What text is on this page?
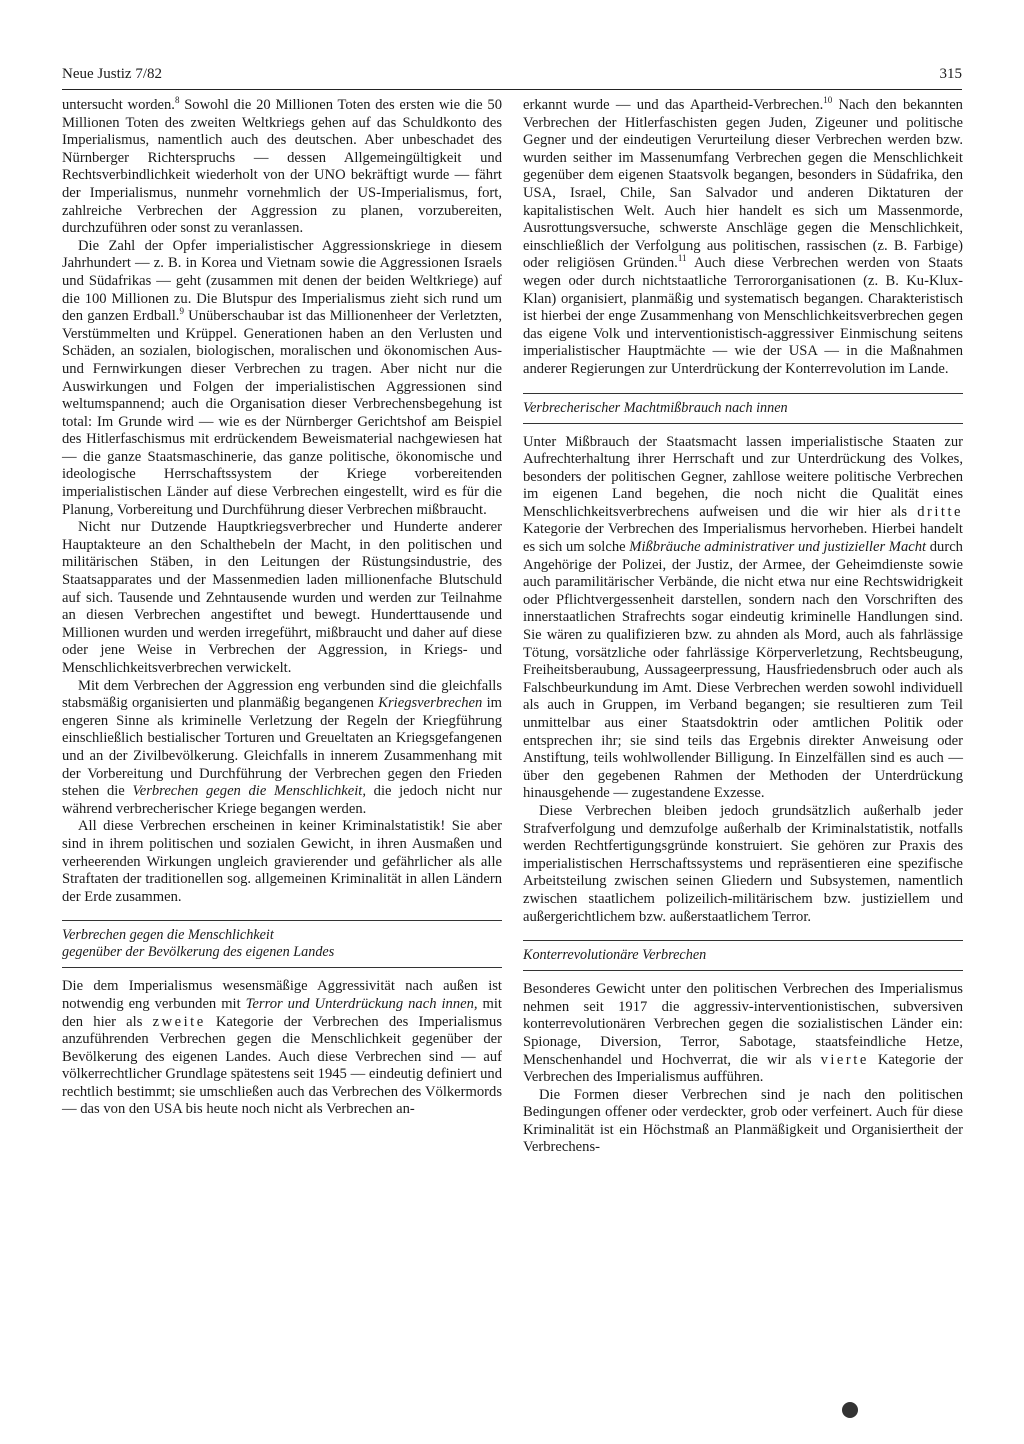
Neue Justiz 7/82	315

untersucht worden.$^8$ Sowohl die 20 Millionen Toten des ersten wie die 50 Millionen Toten des zweiten Weltkriegs gehen auf das Schuldkonto des Imperialismus, namentlich auch des deutschen. Aber unbeschadet des Nürnberger Richterspruchs — dessen Allgemeingültigkeit und Rechtsverbindlichkeit wiederholt von der UNO bekräftigt wurde — fährt der Imperialismus, nunmehr vornehmlich der US-Imperialismus, fort, zahlreiche Verbrechen der Aggression zu planen, vorzubereiten, durchzuführen oder sonst zu veranlassen.

Die Zahl der Opfer imperialistischer Aggressionskriege in diesem Jahrhundert — z. B. in Korea und Vietnam sowie die Aggressionen Israels und Südafrikas — geht (zusammen mit denen der beiden Weltkriege) auf die 100 Millionen zu. Die Blutspur des Imperialismus zieht sich rund um den ganzen Erdball.$^9$ Unüberschaubar ist das Millionenheer der Verletzten, Verstümmelten und Krüppel. Generationen haben an den Verlusten und Schäden, an sozialen, biologischen, moralischen und ökonomischen Aus- und Fernwirkungen dieser Verbrechen zu tragen. Aber nicht nur die Auswirkungen und Folgen der imperialistischen Aggressionen sind weltumspannend; auch die Organisation dieser Verbrechensbegehung ist total: Im Grunde wird — wie es der Nürnberger Gerichtshof am Beispiel des Hitlerfaschismus mit erdrückendem Beweismaterial nachgewiesen hat — die ganze Staatsmaschinerie, das ganze politische, ökonomische und ideologische Herrschaftssystem der Kriege vorbereitenden imperialistischen Länder auf diese Verbrechen eingestellt, wird es für die Planung, Vorbereitung und Durchführung dieser Verbrechen mißbraucht.

Nicht nur Dutzende Hauptkriegsverbrecher und Hunderte anderer Hauptakteure an den Schalthebeln der Macht, in den politischen und militärischen Stäben, in den Leitungen der Rüstungsindustrie, des Staatsapparates und der Massenmedien laden millionenfache Blutschuld auf sich. Tausende und Zehntausende wurden und werden zur Teilnahme an diesen Verbrechen angestiftet und bewegt. Hunderttausende und Millionen wurden und werden irregeführt, mißbraucht und daher auf diese oder jene Weise in Verbrechen der Aggression, in Kriegs- und Menschlichkeitsverbrechen verwickelt.

Mit dem Verbrechen der Aggression eng verbunden sind die gleichfalls stabsmäßig organisierten und planmäßig begangenen Kriegsverbrechen im engeren Sinne als kriminelle Verletzung der Regeln der Kriegführung einschließlich bestialischer Torturen und Greueltaten an Kriegsgefangenen und an der Zivilbevölkerung. Gleichfalls in innerem Zusammenhang mit der Vorbereitung und Durchführung der Verbrechen gegen den Frieden stehen die Verbrechen gegen die Menschlichkeit, die jedoch nicht nur während verbrecherischer Kriege begangen werden.

All diese Verbrechen erscheinen in keiner Kriminalstatistik! Sie aber sind in ihrem politischen und sozialen Gewicht, in ihren Ausmaßen und verheerenden Wirkungen ungleich gravierender und gefährlicher als alle Straftaten der traditionellen sog. allgemeinen Kriminalität in allen Ländern der Erde zusammen.

Verbrechen gegen die Menschlichkeit
gegenüber der Bevölkerung des eigenen Landes

Die dem Imperialismus wesensmäßige Aggressivität nach außen ist notwendig eng verbunden mit Terror und Unterdrückung nach innen, mit den hier als zweite Kategorie der Verbrechen des Imperialismus anzuführenden Verbrechen gegen die Menschlichkeit gegenüber der Bevölkerung des eigenen Landes. Auch diese Verbrechen sind — auf völkerrechtlicher Grundlage spätestens seit 1945 — eindeutig definiert und rechtlich bestimmt; sie umschließen auch das Verbrechen des Völkermords — das von den USA bis heute noch nicht als Verbrechen an-

erkannt wurde — und das Apartheid-Verbrechen.$^{10}$ Nach den bekannten Verbrechen der Hitlerfaschisten gegen Juden, Zigeuner und politische Gegner und der eindeutigen Verurteilung dieser Verbrechen werden bzw. wurden seither im Massenumfang Verbrechen gegen die Menschlichkeit gegenüber dem eigenen Staatsvolk begangen, besonders in Südafrika, den USA, Israel, Chile, San Salvador und anderen Diktaturen der kapitalistischen Welt. Auch hier handelt es sich um Massenmorde, Ausrottungsversuche, schwerste Anschläge gegen die Menschlichkeit, einschließlich der Verfolgung aus politischen, rassischen (z. B. Farbige) oder religiösen Gründen.$^{11}$ Auch diese Verbrechen werden von Staats wegen oder durch nichtstaatliche Terrororganisationen (z. B. Ku-Klux-Klan) organisiert, planmäßig und systematisch begangen. Charakteristisch ist hierbei der enge Zusammenhang von Menschlichkeitsverbrechen gegen das eigene Volk und interventionistisch-aggressiver Einmischung seitens imperialistischer Hauptmächte — wie der USA — in die Maßnahmen anderer Regierungen zur Unterdrückung der Konterrevolution im Lande.

Verbrecherischer Machtmißbrauch nach innen

Unter Mißbrauch der Staatsmacht lassen imperialistische Staaten zur Aufrechterhaltung ihrer Herrschaft und zur Unterdrückung des Volkes, besonders der politischen Gegner, zahllose weitere politische Verbrechen im eigenen Land begehen, die noch nicht die Qualität eines Menschlichkeitsverbrechens aufweisen und die wir hier als dritte Kategorie der Verbrechen des Imperialismus hervorheben. Hierbei handelt es sich um solche Mißbräuche administrativer und justizieller Macht durch Angehörige der Polizei, der Justiz, der Armee, der Geheimdienste sowie auch paramilitärischer Verbände, die nicht etwa nur eine Rechtswidrigkeit oder Pflichtvergessenheit darstellen, sondern nach den Vorschriften des innerstaatlichen Strafrechts sogar eindeutig kriminelle Handlungen sind. Sie wären zu qualifizieren bzw. zu ahnden als Mord, auch als fahrlässige Tötung, vorsätzliche oder fahrlässige Körperverletzung, Rechtsbeugung, Freiheitsberaubung, Aussageerpressung, Hausfriedensbruch oder auch als Falschbeurkundung im Amt. Diese Verbrechen werden sowohl individuell als auch in Gruppen, im Verband begangen; sie resultieren zum Teil unmittelbar aus einer Staatsdoktrin oder amtlichen Politik oder entsprechen ihr; sie sind teils das Ergebnis direkter Anweisung oder Anstiftung, teils wohlwollender Billigung. In Einzelfällen sind es auch — über den gegebenen Rahmen der Methoden der Unterdrückung hinausgehende — zugestandene Exzesse.

Diese Verbrechen bleiben jedoch grundsätzlich außerhalb jeder Strafverfolgung und demzufolge außerhalb der Kriminalstatistik, notfalls werden Rechtfertigungsgründe konstruiert. Sie gehören zur Praxis des imperialistischen Herrschaftssystems und repräsentieren eine spezifische Arbeitsteilung zwischen seinen Gliedern und Subsystemen, namentlich zwischen staatlichem polizeilich-militärischem bzw. justiziellem und außergerichtlichem bzw. außerstaatlichem Terror.

Konterrevolutionäre Verbrechen

Besonderes Gewicht unter den politischen Verbrechen des Imperialismus nehmen seit 1917 die aggressiv-interventionistischen, subversiven konterrevolutionären Verbrechen gegen die sozialistischen Länder ein: Spionage, Diversion, Terror, Sabotage, staatsfeindliche Hetze, Menschenhandel und Hochverrat, die wir als vierte Kategorie der Verbrechen des Imperialismus aufführen.

Die Formen dieser Verbrechen sind je nach den politischen Bedingungen offener oder verdeckter, grob oder verfeinert. Auch für diese Kriminalität ist ein Höchstmaß an Planmäßigkeit und Organisiertheit der Verbrechens-
